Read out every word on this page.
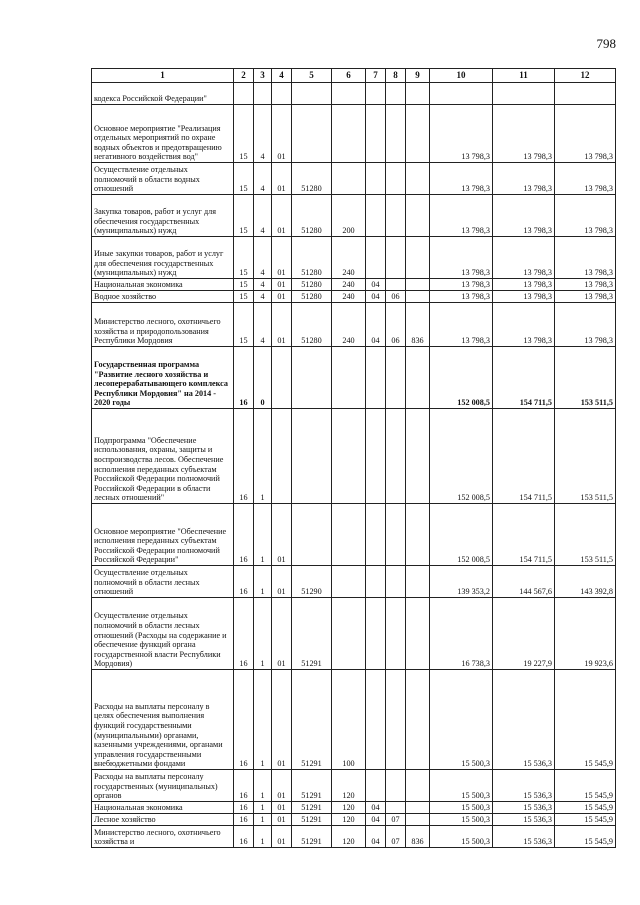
798
1	2	3	4	5	6	7	8	9	10	11	12
кодекса Российской Федерации"											
Основное мероприятие "Реализация отдельных мероприятий по охране водных объектов и предотвращению негативного воздействия вод"	15	4	01						13 798,3	13 798,3	13 798,3
Осуществление отдельных полномочий в области водных отношений	15	4	01	51280					13 798,3	13 798,3	13 798,3
Закупка товаров, работ и услуг для обеспечения государственных (муниципальных) нужд	15	4	01	51280	200				13 798,3	13 798,3	13 798,3
Иные закупки товаров, работ и услуг для обеспечения государственных (муниципальных) нужд	15	4	01	51280	240				13 798,3	13 798,3	13 798,3
Национальная экономика	15	4	01	51280	240	04			13 798,3	13 798,3	13 798,3
Водное хозяйство	15	4	01	51280	240	04	06		13 798,3	13 798,3	13 798,3
Министерство лесного, охотничьего хозяйства и природопользования Республики Мордовия	15	4	01	51280	240	04	06	836	13 798,3	13 798,3	13 798,3
Государственная программа "Развитие лесного хозяйства и лесоперерабатывающего комплекса Республики Мордовия" на 2014 - 2020 годы	16	0							152 008,5	154 711,5	153 511,5
Подпрограмма "Обеспечение использования, охраны, защиты и воспроизводства лесов. Обеспечение исполнения переданных субъектам Российской Федерации полномочий Российской Федерации в области лесных отношений"	16	1							152 008,5	154 711,5	153 511,5
Основное мероприятие "Обеспечение исполнения переданных субъектам Российской Федерации полномочий Российской Федерации"	16	1	01						152 008,5	154 711,5	153 511,5
Осуществление отдельных полномочий в области лесных отношений	16	1	01	51290					139 353,2	144 567,6	143 392,8
Осуществление отдельных полномочий в области лесных отношений (Расходы на содержание и обеспечение функций органа государственной власти Республики Мордовия)	16	1	01	51291					16 738,3	19 227,9	19 923,6
Расходы на выплаты персоналу в целях обеспечения выполнения функций государственными (муниципальными) органами, казенными учреждениями, органами управления государственными внебюджетными фондами	16	1	01	51291	100				15 500,3	15 536,3	15 545,9
Расходы на выплаты персоналу государственных (муниципальных) органов	16	1	01	51291	120				15 500,3	15 536,3	15 545,9
Национальная экономика	16	1	01	51291	120	04			15 500,3	15 536,3	15 545,9
Лесное хозяйство	16	1	01	51291	120	04	07		15 500,3	15 536,3	15 545,9
Министерство лесного, охотничьего хозяйства и	16	1	01	51291	120	04	07	836	15 500,3	15 536,3	15 545,9
